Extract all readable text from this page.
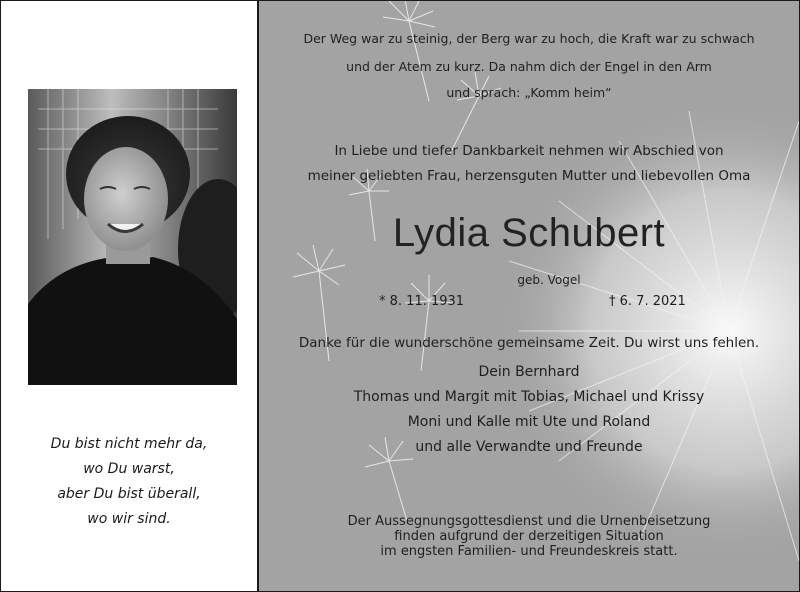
Du bist nicht mehr da,
wo Du warst,
aber Du bist überall,
wo wir sind.
Der Weg war zu steinig, der Berg war zu hoch, die Kraft war zu schwach
und der Atem zu kurz. Da nahm dich der Engel in den Arm
und sprach: „Komm heim“
In Liebe und tiefer Dankbarkeit nehmen wir Abschied von
meiner geliebten Frau, herzensguten Mutter und liebevollen Oma
Lydia Schubert
geb. Vogel
* 8. 11. 1931	† 6. 7. 2021
Danke für die wunderschöne gemeinsame Zeit. Du wirst uns fehlen.
Dein Bernhard
Thomas und Margit mit Tobias, Michael und Krissy
Moni und Kalle mit Ute und Roland
und alle Verwandte und Freunde
Der Aussegnungsgottesdienst und die Urnenbeisetzung
finden aufgrund der derzeitigen Situation
im engsten Familien- und Freundeskreis statt.
